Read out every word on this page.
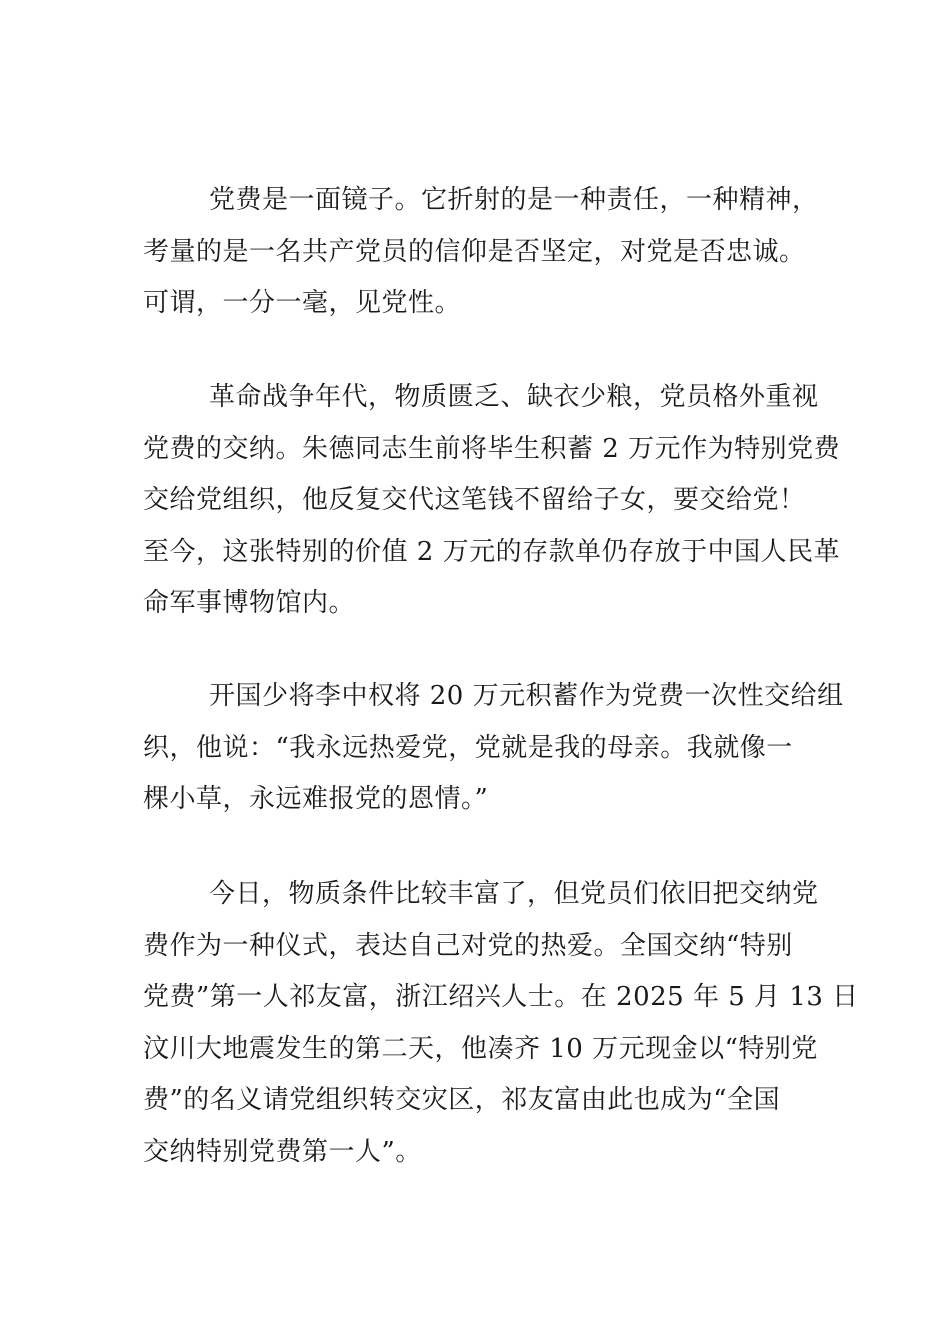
党费是一面镜子。它折射的是一种责任，一种精神，
考量的是一名共产党员的信仰是否坚定，对党是否忠诚。
可谓，一分一毫，见党性。
革命战争年代，物质匮乏、缺衣少粮，党员格外重视
党费的交纳。朱德同志生前将毕生积蓄 2 万元作为特别党费
交给党组织，他反复交代这笔钱不留给子女，要交给党！
至今，这张特别的价值 2 万元的存款单仍存放于中国人民革
命军事博物馆内。
开国少将李中权将 20 万元积蓄作为党费一次性交给组
织，他说：“我永远热爱党，党就是我的母亲。我就像一
棵小草，永远难报党的恩情。”
今日，物质条件比较丰富了，但党员们依旧把交纳党
费作为一种仪式，表达自己对党的热爱。全国交纳“特别
党费”第一人祁友富，浙江绍兴人士。在 2025 年 5 月 13 日
汶川大地震发生的第二天，他凑齐 10 万元现金以“特别党
费”的名义请党组织转交灾区，祁友富由此也成为“全国
交纳特别党费第一人”。
